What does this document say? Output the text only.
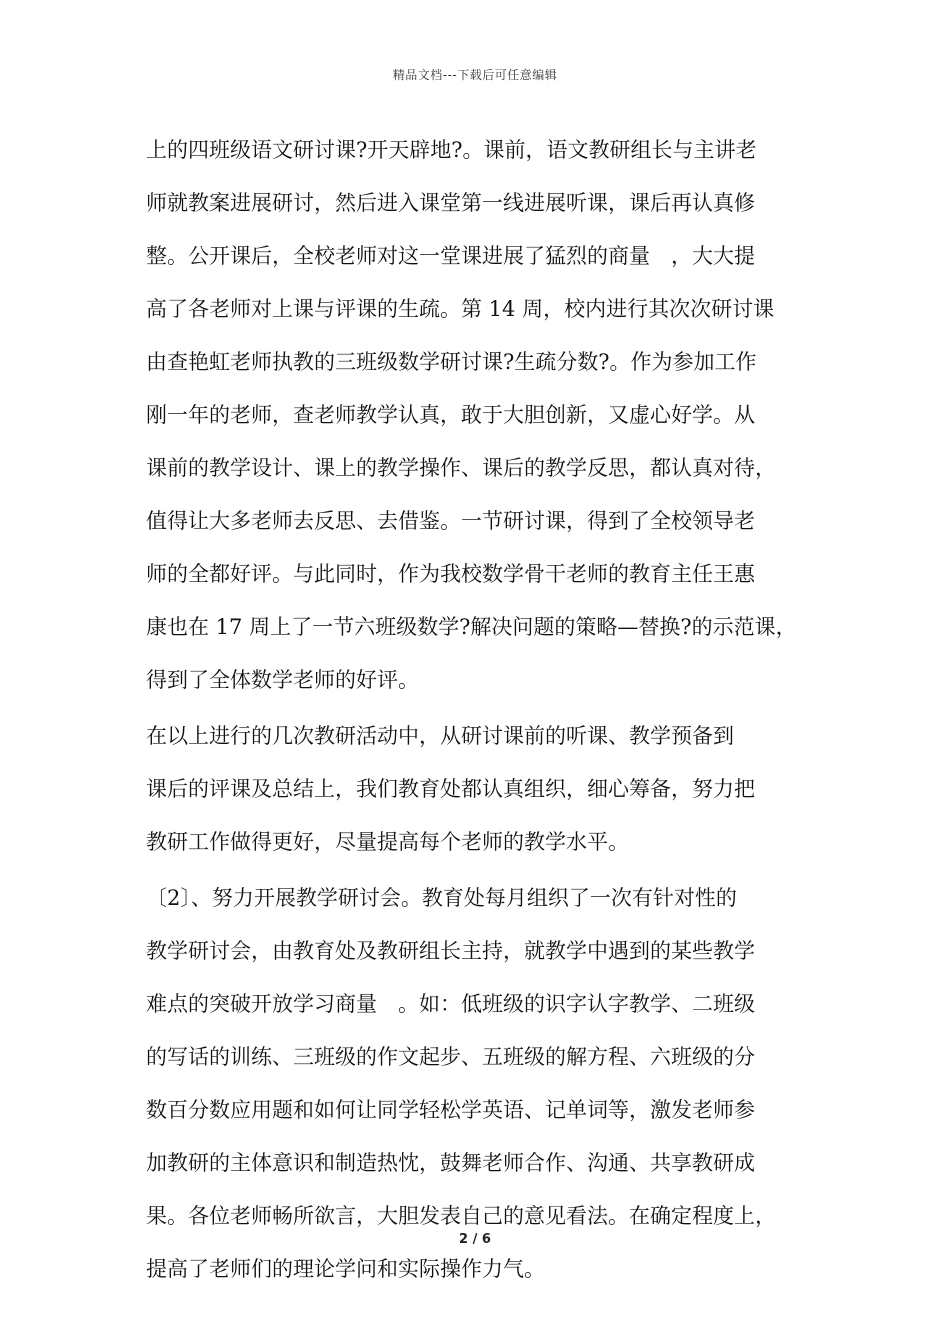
精品文档---下载后可任意编辑
上的四班级语文研讨课?开天辟地?。课前，语文教研组长与主讲老
师就教案进展研讨，然后进入课堂第一线进展听课，课后再认真修
整。公开课后，全校老师对这一堂课进展了猛烈的商量　，大大提
高了各老师对上课与评课的生疏。第 14 周，校内进行其次次研讨课
由查艳虹老师执教的三班级数学研讨课?生疏分数?。作为参加工作
刚一年的老师，查老师教学认真，敢于大胆创新，又虚心好学。从
课前的教学设计、课上的教学操作、课后的教学反思，都认真对待，
值得让大多老师去反思、去借鉴。一节研讨课，得到了全校领导老
师的全都好评。与此同时，作为我校数学骨干老师的教育主任王惠
康也在 17 周上了一节六班级数学?解决问题的策略—替换?的示范课，
得到了全体数学老师的好评。
在以上进行的几次教研活动中，从研讨课前的听课、教学预备到
课后的评课及总结上，我们教育处都认真组织，细心筹备，努力把
教研工作做得更好，尽量提高每个老师的教学水平。
〔2〕、努力开展教学研讨会。教育处每月组织了一次有针对性的
教学研讨会，由教育处及教研组长主持，就教学中遇到的某些教学
难点的突破开放学习商量　。如：低班级的识字认字教学、二班级
的写话的训练、三班级的作文起步、五班级的解方程、六班级的分
数百分数应用题和如何让同学轻松学英语、记单词等，激发老师参
加教研的主体意识和制造热忱，鼓舞老师合作、沟通、共享教研成
果。各位老师畅所欲言，大胆发表自己的意见看法。在确定程度上，
提高了老师们的理论学问和实际操作力气。
2 / 6
